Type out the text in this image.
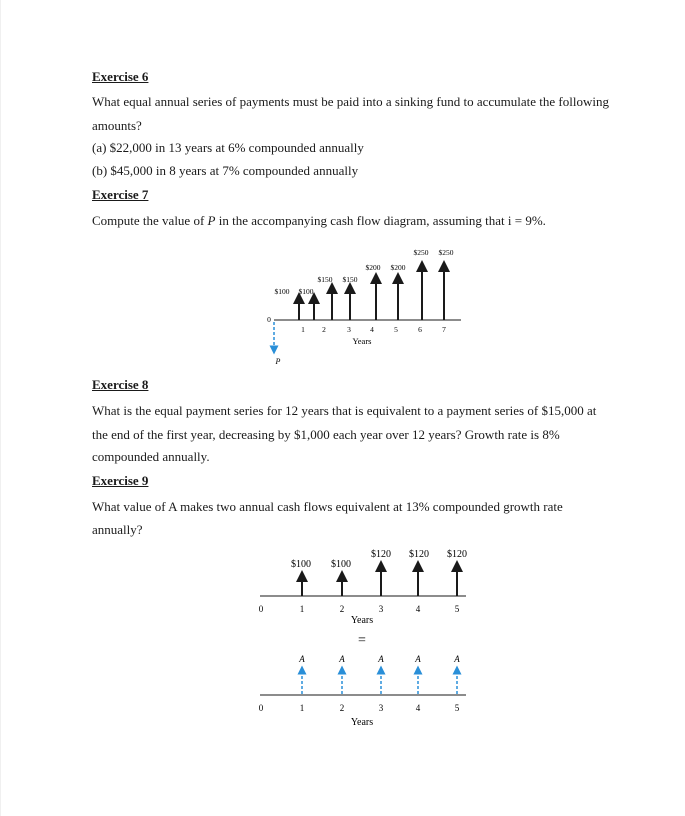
Exercise 6
What equal annual series of payments must be paid into a sinking fund to accumulate the following
amounts?
(a) $22,000 in 13 years at 6% compounded annually
(b) $45,000 in 8 years at 7% compounded annually
Exercise 7
Compute the value of P in the accompanying cash flow diagram, assuming that i = 9%.
$100 $100
$150 $150
$200 $200
$250 $250
0
1 2	3	4	5	6	7
Years
P
Exercise 8
What is the equal payment series for 12 years that is equivalent to a payment series of $15,000 at
the end of the first year, decreasing by $1,000 each year over 12 years? Growth rate is 8%
compounded annually.
Exercise 9
What value of A makes two annual cash flows equivalent at 13% compounded growth rate
annually?
$100 $100
$120 $120 $120
0	1	2	3	4	5
Years
=
A	A	A	A	A
0	1	2	3	4	5
Years
